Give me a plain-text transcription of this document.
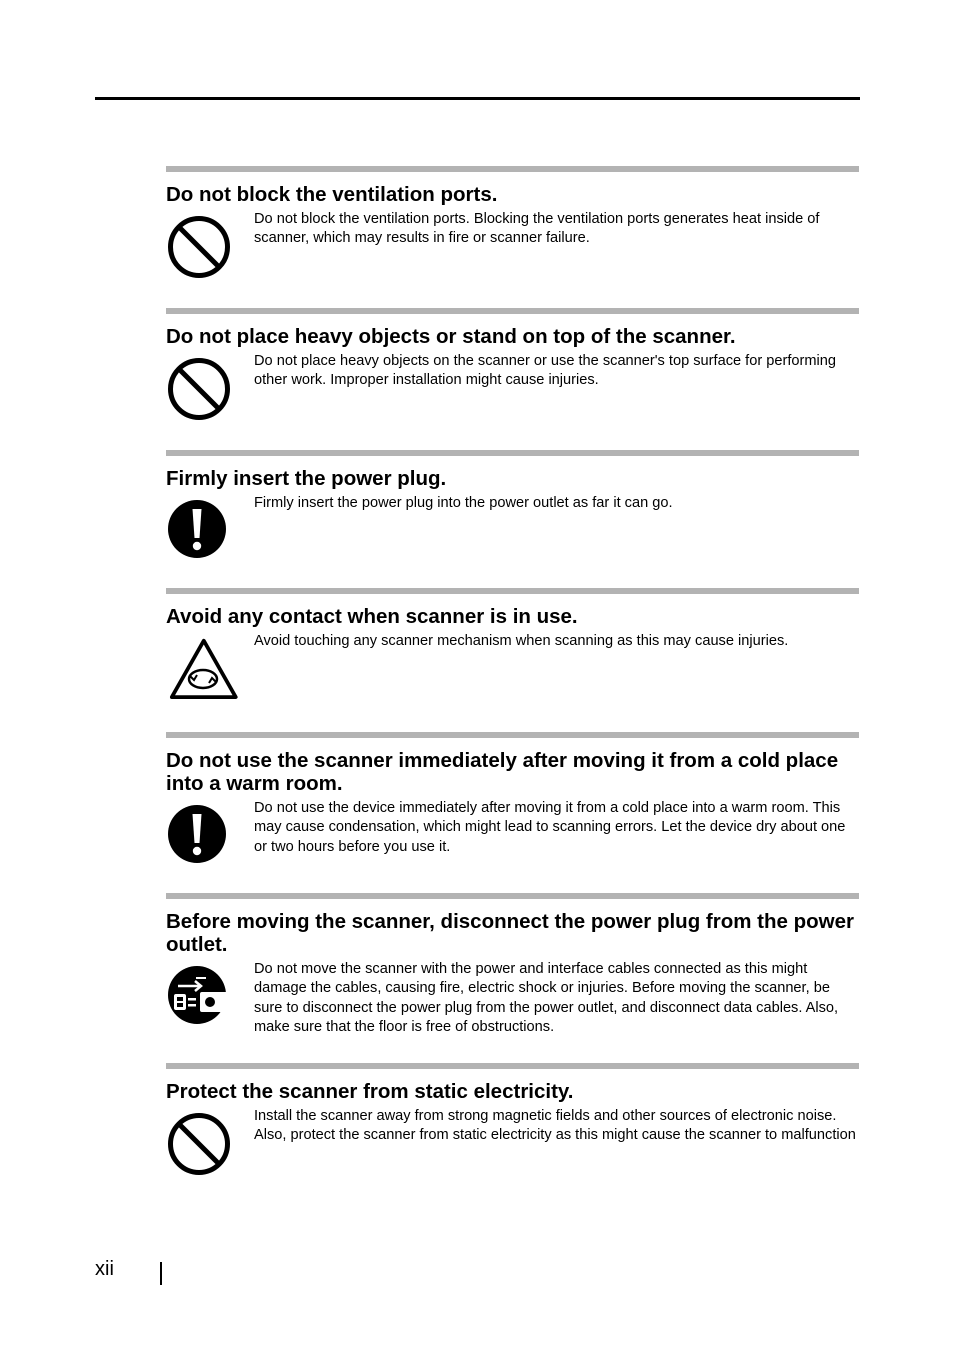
Do not block the ventilation ports.
Do not block the ventilation ports. Blocking the ventilation ports generates heat inside of scanner, which may results in fire or scanner failure.
Do not place heavy objects or stand on top of the scanner.
Do not place heavy objects on the scanner or use the scanner's top surface for performing other work. Improper installation might cause injuries.
Firmly insert the power plug.
Firmly insert the power plug into the power outlet as far it can go.
Avoid any contact when scanner is in use.
Avoid touching any scanner mechanism when scanning as this may cause injuries.
Do not use the scanner immediately after moving it from a cold place into a warm room.
Do not use the device immediately after moving it from a cold place into a warm room. This may cause condensation, which might lead to scanning errors. Let the device dry about one or two hours before you use it.
Before moving the scanner, disconnect the power plug from the power outlet.
Do not move the scanner with the power and interface cables connected as this might damage the cables, causing fire, electric shock or injuries. Before moving the scanner, be sure to disconnect the power plug from the power outlet, and disconnect data cables. Also, make sure that the floor is free of obstructions.
Protect the scanner from static electricity.
Install the scanner away from strong magnetic fields and other sources of electronic noise. Also, protect the scanner from static electricity as this might cause the scanner to malfunction
xii
